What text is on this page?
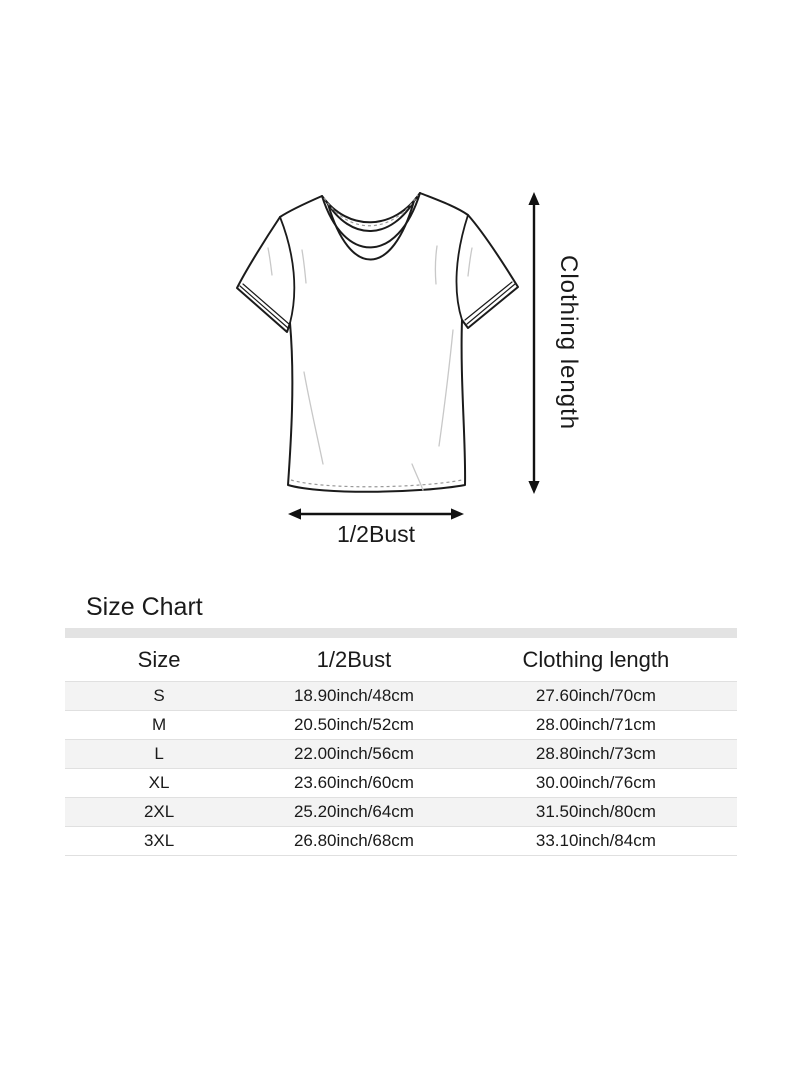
Clothing length
1/2Bust
Size Chart
Size	1/2Bust	Clothing length
S	18.90inch/48cm	27.60inch/70cm
M	20.50inch/52cm	28.00inch/71cm
L	22.00inch/56cm	28.80inch/73cm
XL	23.60inch/60cm	30.00inch/76cm
2XL	25.20inch/64cm	31.50inch/80cm
3XL	26.80inch/68cm	33.10inch/84cm
